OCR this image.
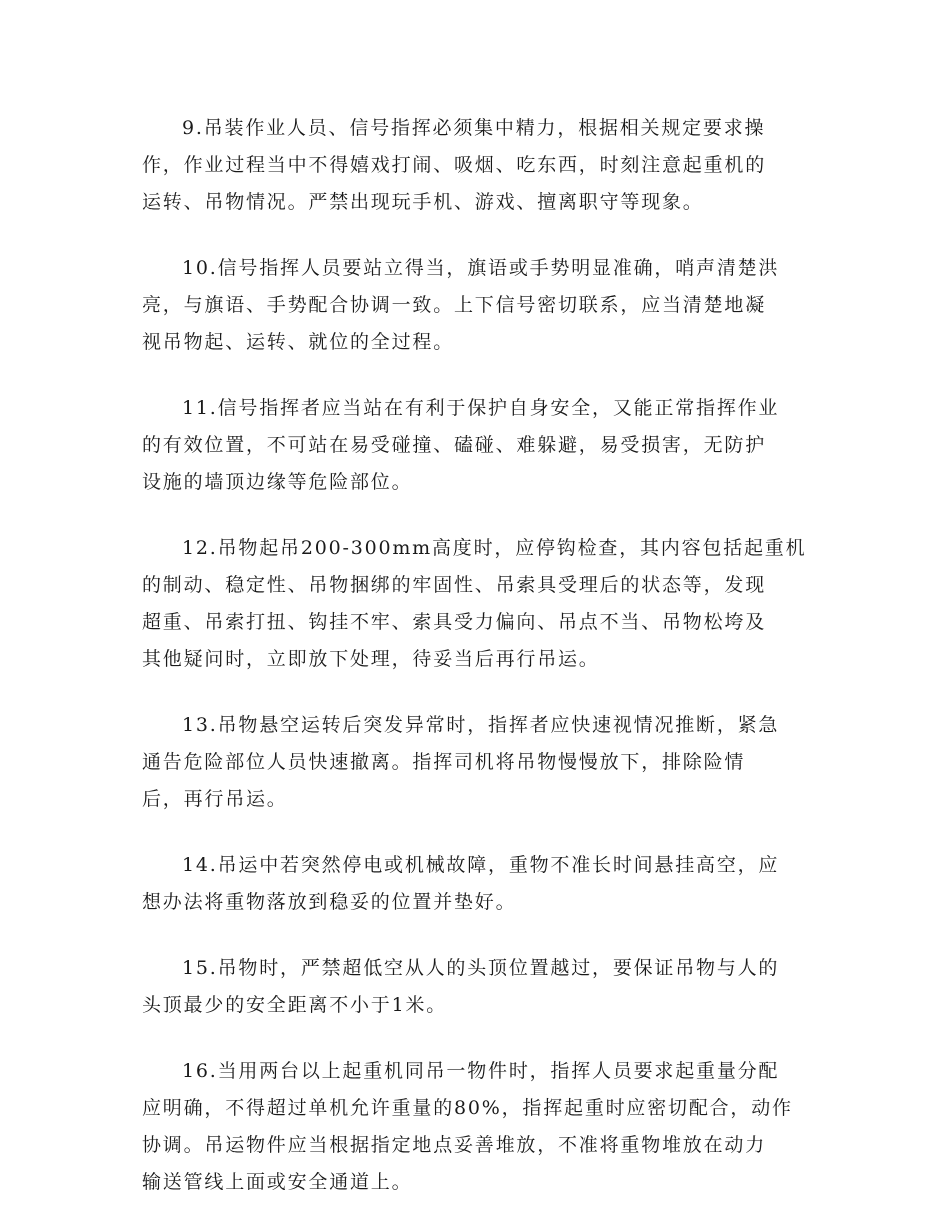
9.吊装作业人员、信号指挥必须集中精力，根据相关规定要求操
作，作业过程当中不得嬉戏打闹、吸烟、吃东西，时刻注意起重机的
运转、吊物情况。严禁出现玩手机、游戏、擅离职守等现象。

10.信号指挥人员要站立得当，旗语或手势明显准确，哨声清楚洪
亮，与旗语、手势配合协调一致。上下信号密切联系，应当清楚地凝
视吊物起、运转、就位的全过程。

11.信号指挥者应当站在有利于保护自身安全，又能正常指挥作业
的有效位置，不可站在易受碰撞、磕碰、难躲避，易受损害，无防护
设施的墙顶边缘等危险部位。

12.吊物起吊200-300mm高度时，应停钩检查，其内容包括起重机
的制动、稳定性、吊物捆绑的牢固性、吊索具受理后的状态等，发现
超重、吊索打扭、钩挂不牢、索具受力偏向、吊点不当、吊物松垮及
其他疑问时，立即放下处理，待妥当后再行吊运。

13.吊物悬空运转后突发异常时，指挥者应快速视情况推断，紧急
通告危险部位人员快速撤离。指挥司机将吊物慢慢放下，排除险情
后，再行吊运。

14.吊运中若突然停电或机械故障，重物不准长时间悬挂高空，应
想办法将重物落放到稳妥的位置并垫好。

15.吊物时，严禁超低空从人的头顶位置越过，要保证吊物与人的
头顶最少的安全距离不小于1米。

16.当用两台以上起重机同吊一物件时，指挥人员要求起重量分配
应明确，不得超过单机允许重量的80%，指挥起重时应密切配合，动作
协调。吊运物件应当根据指定地点妥善堆放，不准将重物堆放在动力
输送管线上面或安全通道上。
